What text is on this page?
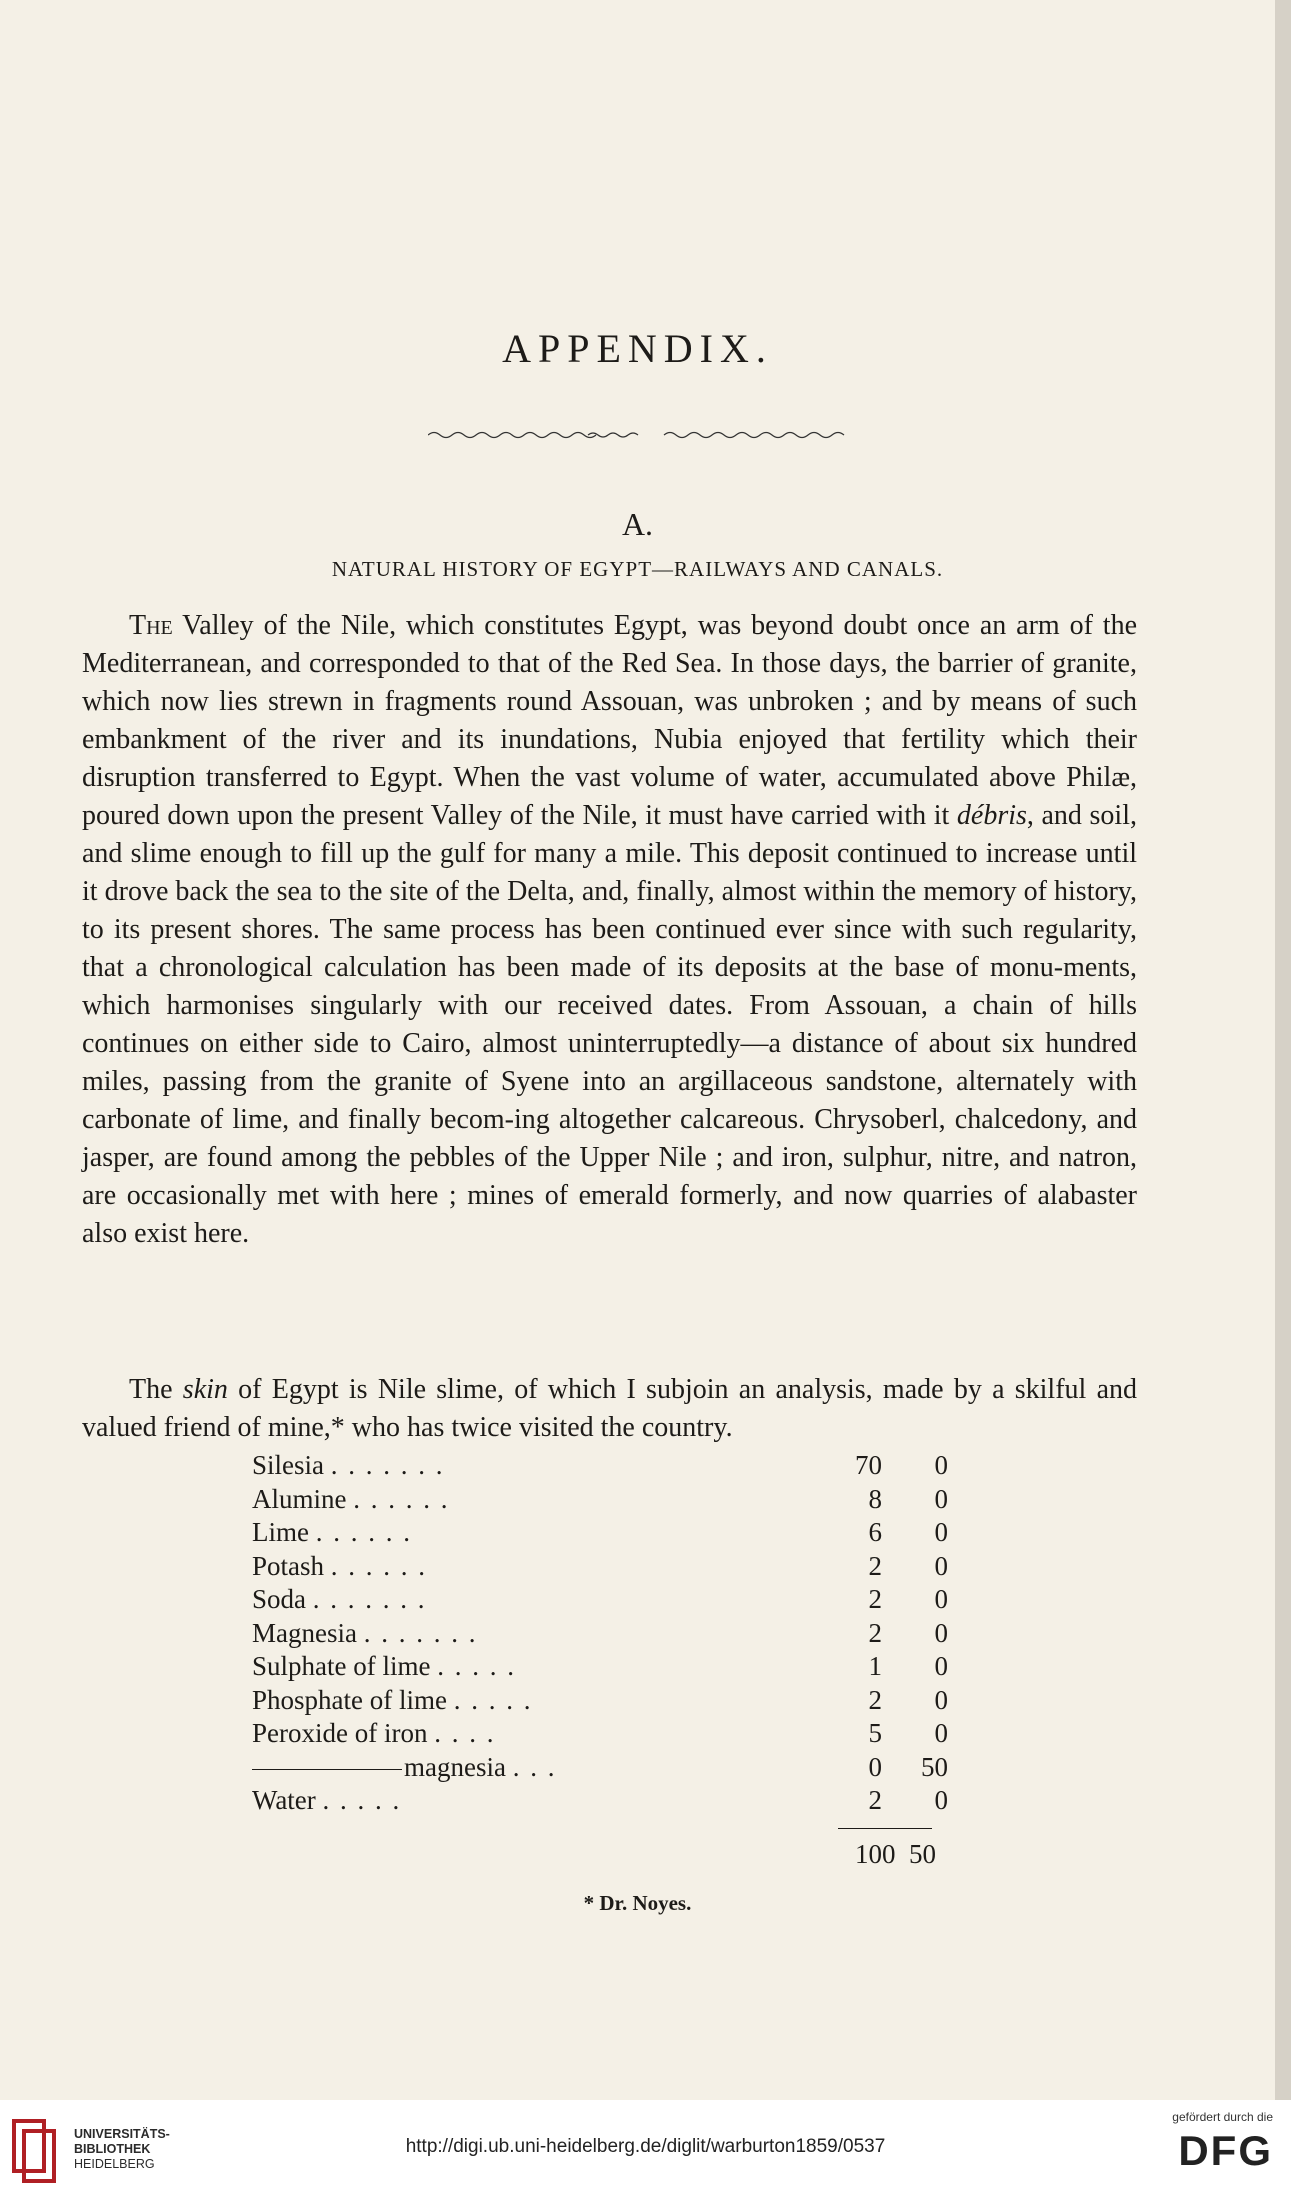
APPENDIX.
A.
NATURAL HISTORY OF EGYPT—RAILWAYS AND CANALS.

The Valley of the Nile, which constitutes Egypt, was beyond doubt once an arm of the Mediterranean, and corresponded to that of the Red Sea. In those days, the barrier of granite, which now lies strewn in fragments round Assouan, was unbroken ; and by means of such embankment of the river and its inundations, Nubia enjoyed that fertility which their disruption transferred to Egypt. When the vast volume of water, accumulated above Philæ, poured down upon the present Valley of the Nile, it must have carried with it débris, and soil, and slime enough to fill up the gulf for many a mile. This deposit continued to increase until it drove back the sea to the site of the Delta, and, finally, almost within the memory of history, to its present shores. The same process has been continued ever since with such regularity, that a chronological calculation has been made of its deposits at the base of monu-ments, which harmonises singularly with our received dates. From Assouan, a chain of hills continues on either side to Cairo, almost uninterruptedly—a distance of about six hundred miles, passing from the granite of Syene into an argillaceous sandstone, alternately with carbonate of lime, and finally becom-ing altogether calcareous. Chrysoberl, chalcedony, and jasper, are found among the pebbles of the Upper Nile ; and iron, sulphur, nitre, and natron, are occasionally met with here ; mines of emerald formerly, and now quarries of alabaster also exist here.

The skin of Egypt is Nile slime, of which I subjoin an analysis, made by a skilful and valued friend of mine,* who has twice visited the country.

Silesia . . . . . . .	70	0
Alumine . . . . . .	8	0
Lime . . . . . .	6	0
Potash . . . . . .	2	0
Soda . . . . . . .	2	0
Magnesia . . . . . . .	2	0
Sulphate of lime . . . . .	1	0
Phosphate of lime . . . . .	2	0
Peroxide of iron . . . .	5	0
magnesia . . .	0	50
Water . . . . .	2	0
100 50

* Dr. Noyes.

UNIVERSITÄTS-
BIBLIOTHEK
HEIDELBERG
http://digi.ub.uni-heidelberg.de/diglit/warburton1859/0537
gefördert durch die
DFG
